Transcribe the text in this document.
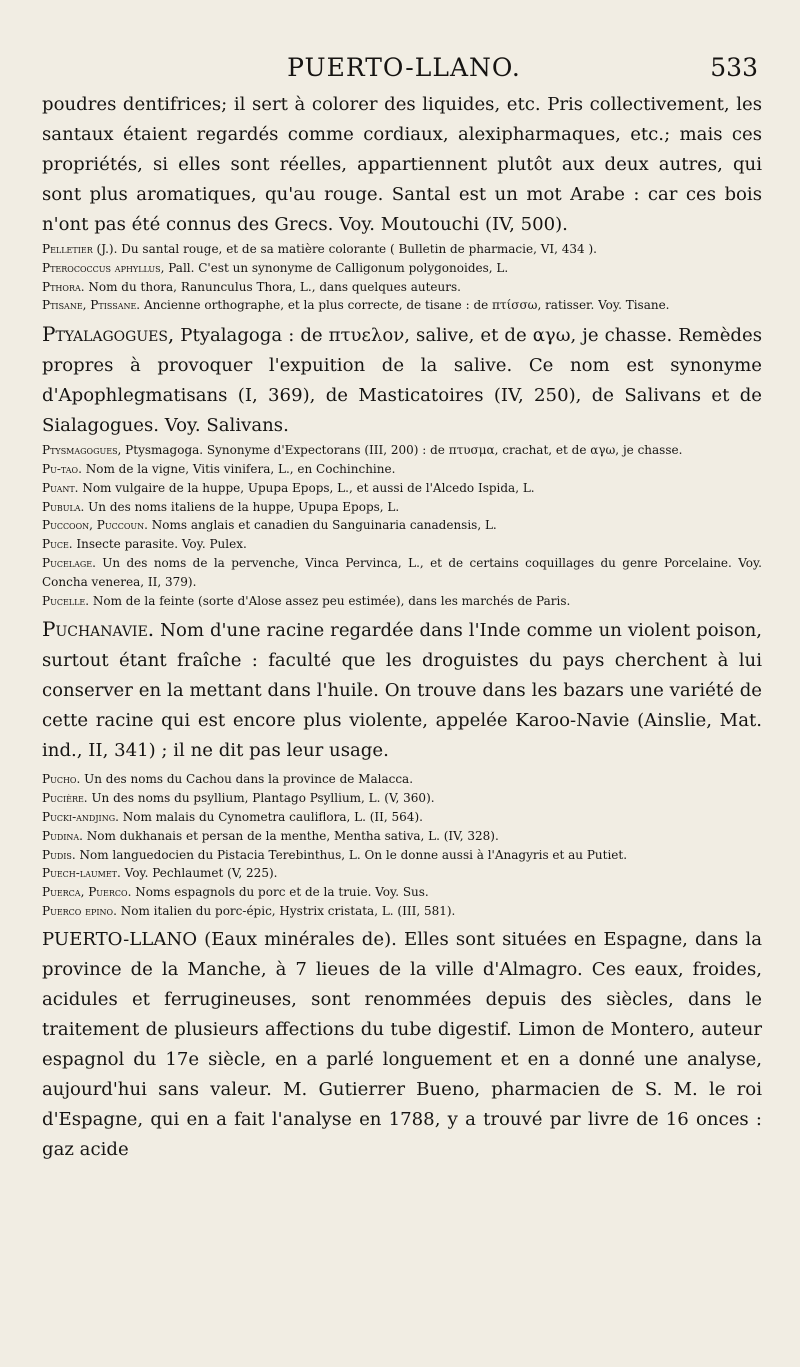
PUERTO-LLANO.	533

poudres dentifrices; il sert à colorer des liquides, etc. Pris collectivement, les santaux étaient regardés comme cordiaux, alexipharmaques, etc.; mais ces propriétés, si elles sont réelles, appartiennent plutôt aux deux autres, qui sont plus aromatiques, qu'au rouge. Santal est un mot Arabe : car ces bois n'ont pas été connus des Grecs. Voy. Moutouchi (IV, 500).

Pelletier (J.). Du santal rouge, et de sa matière colorante ( Bulletin de pharmacie, VI, 434 ).

Pterococcus aphyllus, Pall. C'est un synonyme de Calligonum polygonoides, L.

Pthora. Nom du thora, Ranunculus Thora, L., dans quelques auteurs.

Ptisane, Ptissane. Ancienne orthographe, et la plus correcte, de tisane : de πτίσσω, ratisser. Voy. Tisane.

Ptyalagogues, Ptyalagoga : de πτυελον, salive, et de αγω, je chasse. Remèdes propres à provoquer l'expuition de la salive. Ce nom est synonyme d'Apophlegmatisans (I, 369), de Masticatoires (IV, 250), de Salivans et de Sialagogues. Voy. Salivans.

Ptysmagogues, Ptysmagoga. Synonyme d'Expectorans (III, 200) : de πτυσμα, crachat, et de αγω, je chasse.

Pu-tao. Nom de la vigne, Vitis vinifera, L., en Cochinchine.

Puant. Nom vulgaire de la huppe, Upupa Epops, L., et aussi de l'Alcedo Ispida, L.

Pubula. Un des noms italiens de la huppe, Upupa Epops, L.

Puccoon, Puccoun. Noms anglais et canadien du Sanguinaria canadensis, L.

Puce. Insecte parasite. Voy. Pulex.

Pucelage. Un des noms de la pervenche, Vinca Pervinca, L., et de certains coquillages du genre Porcelaine. Voy. Concha venerea, II, 379).

Pucelle. Nom de la feinte (sorte d'Alose assez peu estimée), dans les marchés de Paris.

Puchanavie. Nom d'une racine regardée dans l'Inde comme un violent poison, surtout étant fraîche : faculté que les droguistes du pays cherchent à lui conserver en la mettant dans l'huile. On trouve dans les bazars une variété de cette racine qui est encore plus violente, appelée Karoo-Navie (Ainslie, Mat. ind., II, 341) ; il ne dit pas leur usage.

Pucho. Un des noms du Cachou dans la province de Malacca.

Pucière. Un des noms du psyllium, Plantago Psyllium, L. (V, 360).

Pucki-andjing. Nom malais du Cynometra cauliflora, L. (II, 564).

Pudina. Nom dukhanais et persan de la menthe, Mentha sativa, L. (IV, 328).

Pudis. Nom languedocien du Pistacia Terebinthus, L. On le donne aussi à l'Anagyris et au Putiet.

Puech-laumet. Voy. Pechlaumet (V, 225).

Puerca, Puerco. Noms espagnols du porc et de la truie. Voy. Sus.

Puerco epino. Nom italien du porc-épic, Hystrix cristata, L. (III, 581).

PUERTO-LLANO (Eaux minérales de). Elles sont situées en Espagne, dans la province de la Manche, à 7 lieues de la ville d'Almagro. Ces eaux, froides, acidules et ferrugineuses, sont renommées depuis des siècles, dans le traitement de plusieurs affections du tube digestif. Limon de Montero, auteur espagnol du 17e siècle, en a parlé longuement et en a donné une analyse, aujourd'hui sans valeur. M. Gutierrer Bueno, pharmacien de S. M. le roi d'Espagne, qui en a fait l'analyse en 1788, y a trouvé par livre de 16 onces : gaz acide
